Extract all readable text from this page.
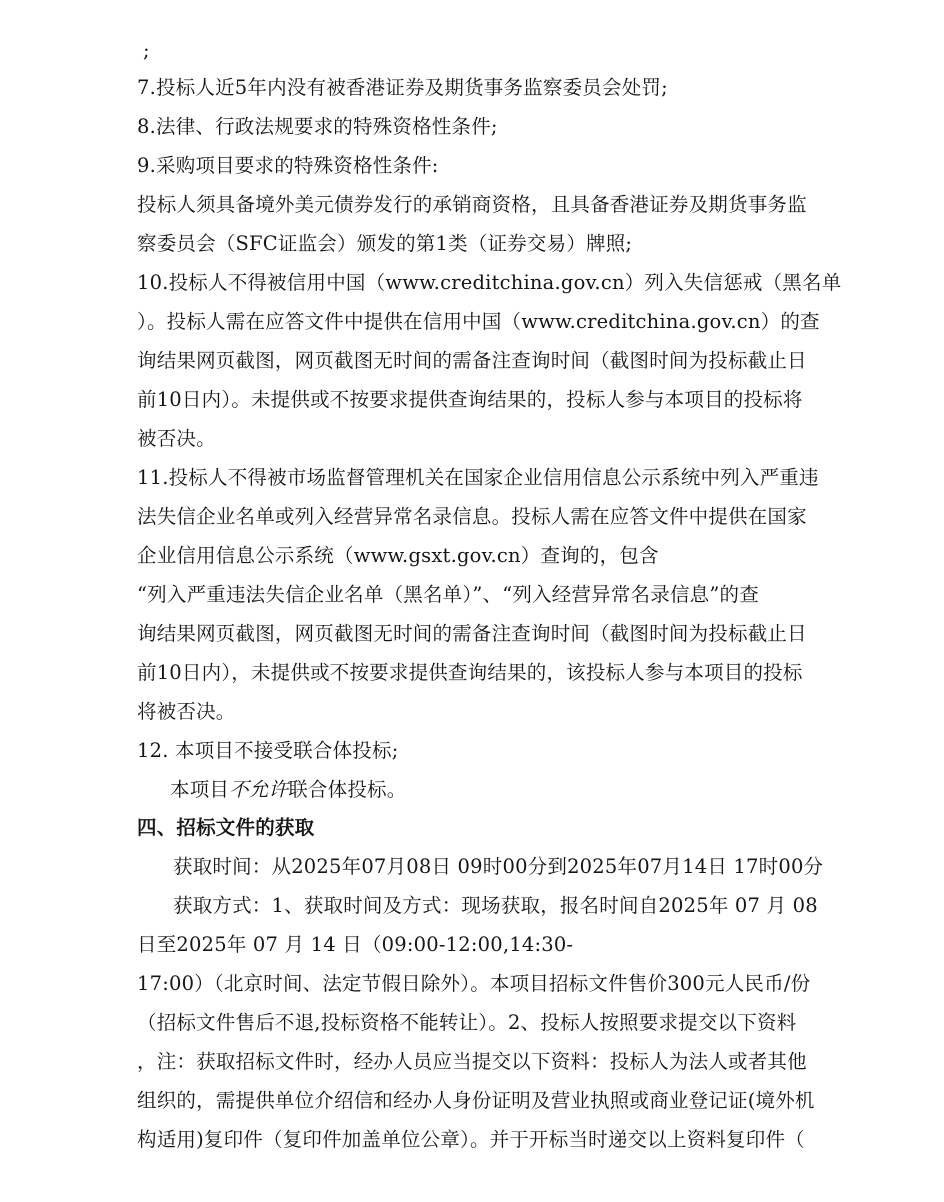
;
7.投标人近5年内没有被香港证券及期货事务监察委员会处罚;
8.法律、行政法规要求的特殊资格性条件;
9.采购项目要求的特殊资格性条件:
投标人须具备境外美元债券发行的承销商资格，且具备香港证券及期货事务监
察委员会（SFC证监会）颁发的第1类（证券交易）牌照;
10.投标人不得被信用中国（www.creditchina.gov.cn）列入失信惩戒（黑名单
）。投标人需在应答文件中提供在信用中国（www.creditchina.gov.cn）的查
询结果网页截图，网页截图无时间的需备注查询时间（截图时间为投标截止日
前10日内）。未提供或不按要求提供查询结果的，投标人参与本项目的投标将
被否决。
11.投标人不得被市场监督管理机关在国家企业信用信息公示系统中列入严重违
法失信企业名单或列入经营异常名录信息。投标人需在应答文件中提供在国家
企业信用信息公示系统（www.gsxt.gov.cn）查询的，包含
“列入严重违法失信企业名单（黑名单）”、“列入经营异常名录信息”的查
询结果网页截图，网页截图无时间的需备注查询时间（截图时间为投标截止日
前10日内），未提供或不按要求提供查询结果的，该投标人参与本项目的投标
将被否决。
12. 本项目不接受联合体投标;
本项目不允许联合体投标。
四、招标文件的获取
获取时间：从2025年07月08日 09时00分到2025年07月14日 17时00分
获取方式：1、获取时间及方式：现场获取，报名时间自2025年 07 月 08
日至2025年 07 月 14 日（09:00-12:00,14:30-
17:00）（北京时间、法定节假日除外）。本项目招标文件售价300元人民币/份
（招标文件售后不退,投标资格不能转让）。2、投标人按照要求提交以下资料
，注：获取招标文件时，经办人员应当提交以下资料：投标人为法人或者其他
组织的，需提供单位介绍信和经办人身份证明及营业执照或商业登记证(境外机
构适用)复印件（复印件加盖单位公章）。并于开标当时递交以上资料复印件（
